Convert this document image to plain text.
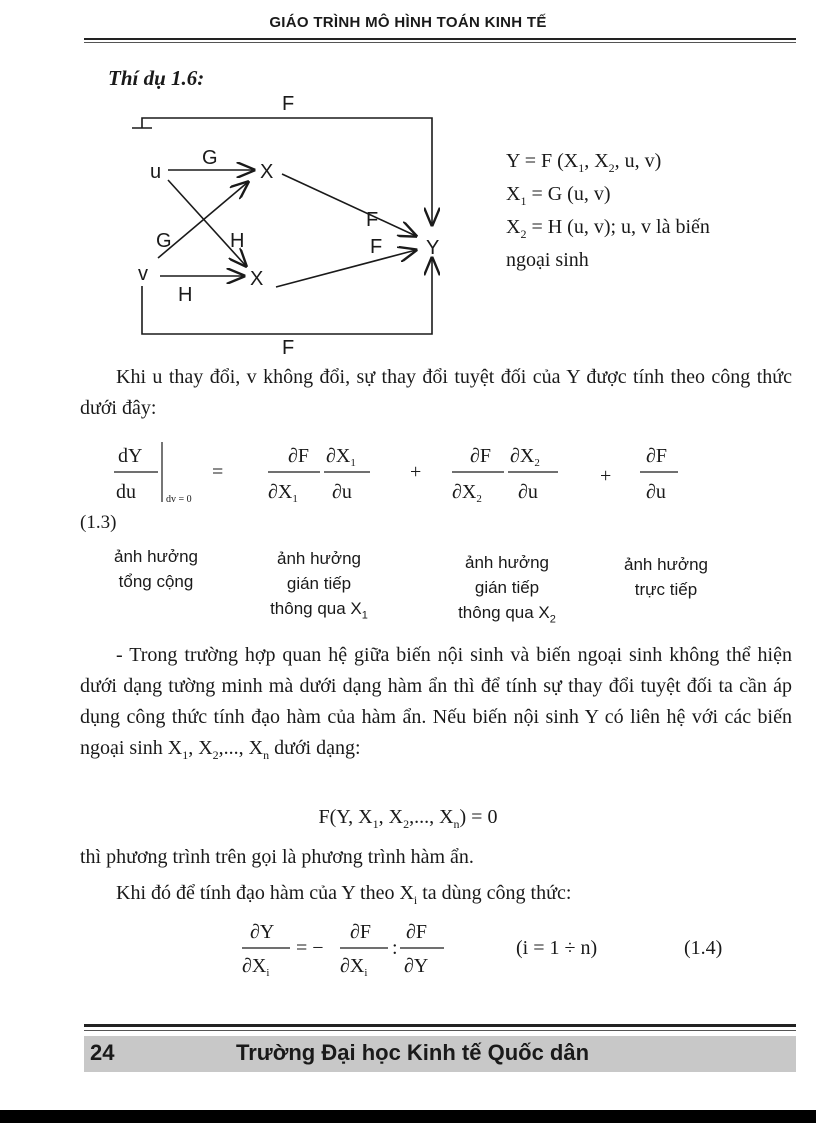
GIÁO TRÌNH MÔ HÌNH TOÁN KINH TẾ
Thí dụ 1.6:
F
u	X
v	X
Y
G
G	H
H
F
F
F
Y = F ($X_1$, $X_2$, u, v)
$X_1 = G$ (u, v)
$X_2 = H$ (u, v); u, v là biến
ngoại sinh
Khi u thay đổi, v không đổi, sự thay đổi tuyệt đối của Y được tính theo công thức dưới đây:
dY
du	dv = 0
=
∂F
$\partial X_1$
$\partial X_1$
∂u
+
∂F
$\partial X_2$
$\partial X_2$
∂u
+
∂F
∂u
(1.3)
ảnh hưởng
tổng cộng
ảnh hưởng
gián tiếp
thông qua $X_1$
ảnh hưởng
gián tiếp
thông qua $X_2$
ảnh hưởng
trực tiếp
- Trong trường hợp quan hệ giữa biến nội sinh và biến ngoại sinh không thể hiện dưới dạng tường minh mà dưới dạng hàm ẩn thì để tính sự thay đổi tuyệt đối ta cần áp dụng công thức tính đạo hàm của hàm ẩn. Nếu biến nội sinh Y có liên hệ với các biến ngoại $\sinh X_1$, $X_2$,..., $X_n$ dưới dạng:
F(Y, $X_1$, $X_2$,..., $X_n) = 0$
thì phương trình trên gọi là phương trình hàm ẩn.
Khi đó để tính đạo hàm của Y theo $X_i$ ta dùng công thức:
∂Y
$\partial X_i$
= −
∂F
$\partial X_i$
:
∂F
∂Y
(i = 1 ÷ n)	(1.4)
24	Trường Đại học Kinh tế Quốc dân
